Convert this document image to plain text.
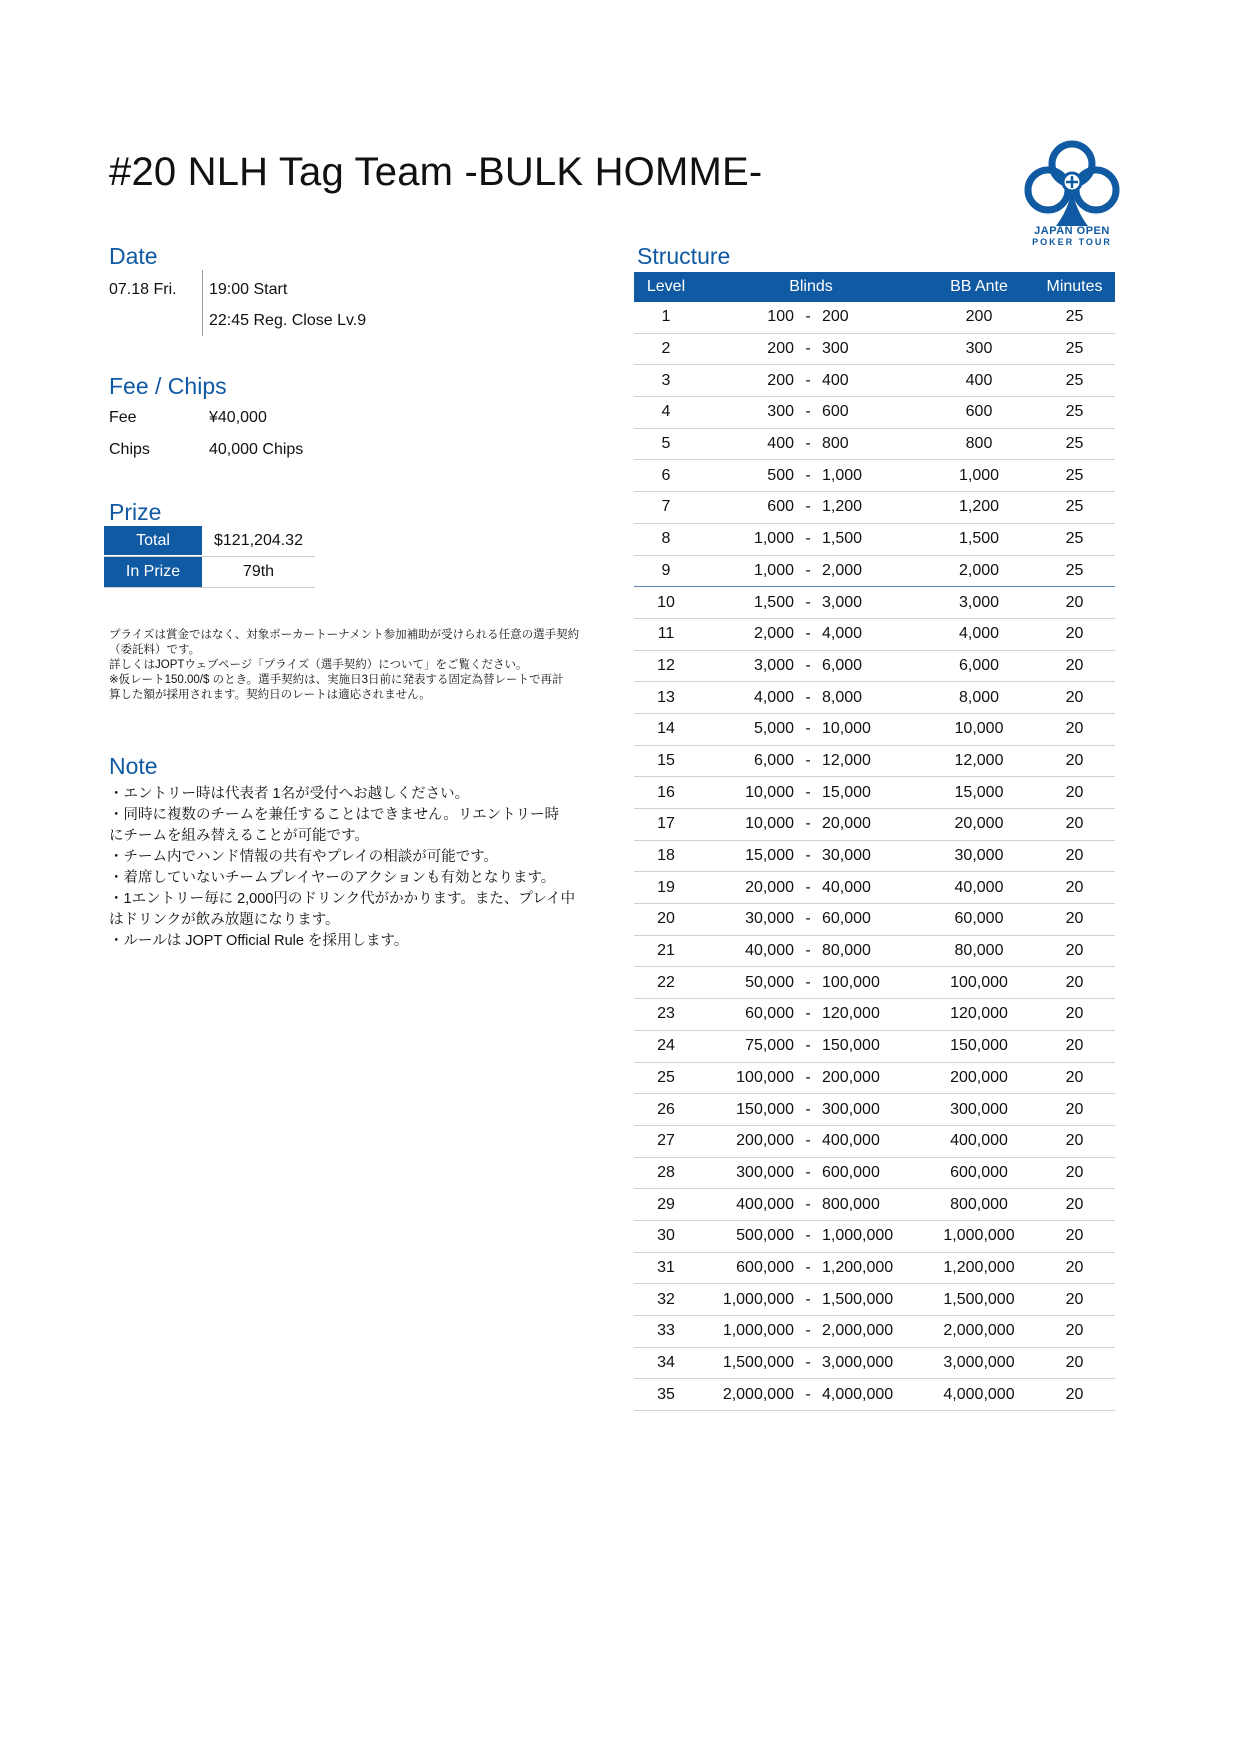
#20 NLH Tag Team -BULK HOMME-
JAPAN OPEN
POKER TOUR
Date
07.18 Fri. 19:00 Start
22:45 Reg. Close Lv.9
Fee / Chips
Fee	¥40,000
Chips	40,000 Chips
Prize
Total	$121,204.32
In Prize	79th
プライズは賞金ではなく、対象ポーカートーナメント参加補助が受けられる任意の選手契約
（委託料）です。
詳しくはJOPTウェブページ「プライズ（選手契約）について」をご覧ください。
※仮レート150.00/$ のとき。選手契約は、実施日3日前に発表する固定為替レートで再計
算した額が採用されます。契約日のレートは適応されません。
Note
・エントリー時は代表者 1名が受付へお越しください。
・同時に複数のチームを兼任することはできません。リエントリー時
にチームを組み替えることが可能です。
・チーム内でハンド情報の共有やプレイの相談が可能です。
・着席していないチームプレイヤーのアクションも有効となります。
・1エントリー毎に 2,000円のドリンク代がかかります。また、プレイ中
はドリンクが飲み放題になります。
・ルールは JOPT Official Rule を採用します。
Structure
Level	Blinds	BB Ante	Minutes
1	100 - 200	200	25
2	200 - 300	300	25
3	200 - 400	400	25
4	300 - 600	600	25
5	400 - 800	800	25
6	500 - 1,000	1,000	25
7	600 - 1,200	1,200	25
8	1,000 - 1,500	1,500	25
9	1,000 - 2,000	2,000	25
10	1,500 - 3,000	3,000	20
11	2,000 - 4,000	4,000	20
12	3,000 - 6,000	6,000	20
13	4,000 - 8,000	8,000	20
14	5,000 - 10,000	10,000	20
15	6,000 - 12,000	12,000	20
16	10,000 - 15,000	15,000	20
17	10,000 - 20,000	20,000	20
18	15,000 - 30,000	30,000	20
19	20,000 - 40,000	40,000	20
20	30,000 - 60,000	60,000	20
21	40,000 - 80,000	80,000	20
22	50,000 - 100,000	100,000	20
23	60,000 - 120,000	120,000	20
24	75,000 - 150,000	150,000	20
25	100,000 - 200,000	200,000	20
26	150,000 - 300,000	300,000	20
27	200,000 - 400,000	400,000	20
28	300,000 - 600,000	600,000	20
29	400,000 - 800,000	800,000	20
30	500,000 - 1,000,000	1,000,000	20
31	600,000 - 1,200,000	1,200,000	20
32	1,000,000 - 1,500,000	1,500,000	20
33	1,000,000 - 2,000,000	2,000,000	20
34	1,500,000 - 3,000,000	3,000,000	20
35	2,000,000 - 4,000,000	4,000,000	20
